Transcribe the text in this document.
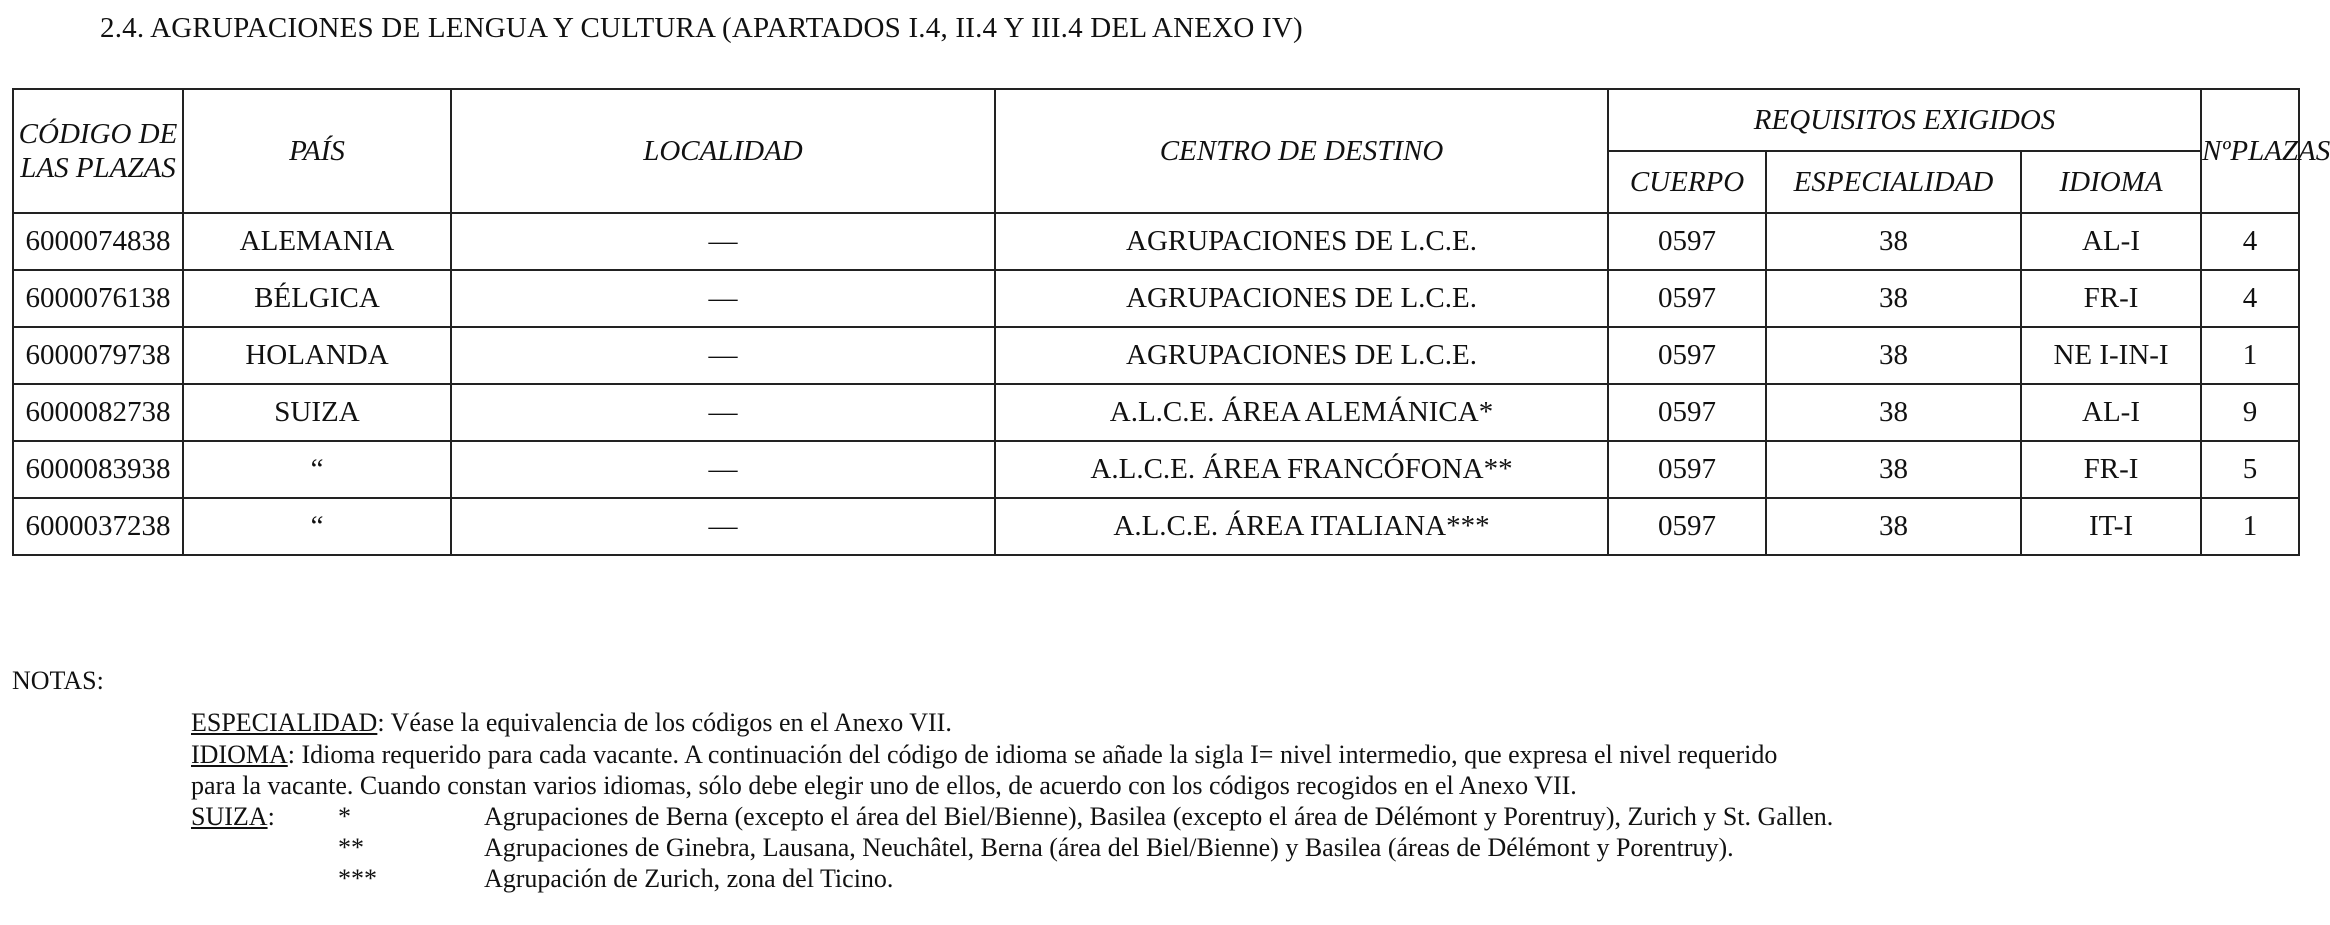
2.4. AGRUPACIONES DE LENGUA Y CULTURA (APARTADOS I.4, II.4 Y III.4 DEL ANEXO IV)
CÓDIGO DE
LAS PLAZAS	PAÍS	LOCALIDAD	CENTRO DE DESTINO	REQUISITOS EXIGIDOS			NºPLAZAS
				CUERPO	ESPECIALIDAD	IDIOMA	
6000074838	ALEMANIA	—	AGRUPACIONES DE L.C.E.	0597	38	AL-I	4
6000076138	BÉLGICA	—	AGRUPACIONES DE L.C.E.	0597	38	FR-I	4
6000079738	HOLANDA	—	AGRUPACIONES DE L.C.E.	0597	38	NE I-IN-I	1
6000082738	SUIZA	—	A.L.C.E. ÁREA ALEMÁNICA*	0597	38	AL-I	9
6000083938	“	—	A.L.C.E. ÁREA FRANCÓFONA**	0597	38	FR-I	5
6000037238	“	—	A.L.C.E. ÁREA ITALIANA***	0597	38	IT-I	1
NOTAS:
ESPECIALIDAD: Véase la equivalencia de los códigos en el Anexo VII.
IDIOMA: Idioma requerido para cada vacante. A continuación del código de idioma se añade la sigla I= nivel intermedio, que expresa el nivel requerido
para la vacante. Cuando constan varios idiomas, sólo debe elegir uno de ellos, de acuerdo con los códigos recogidos en el Anexo VII.
SUIZA: *	Agrupaciones de Berna (excepto el área del Biel/Bienne), Basilea (excepto el área de Délémont y Porentruy), Zurich y St. Gallen.
**	Agrupaciones de Ginebra, Lausana, Neuchâtel, Berna (área del Biel/Bienne) y Basilea (áreas de Délémont y Porentruy).
***	Agrupación de Zurich, zona del Ticino.
